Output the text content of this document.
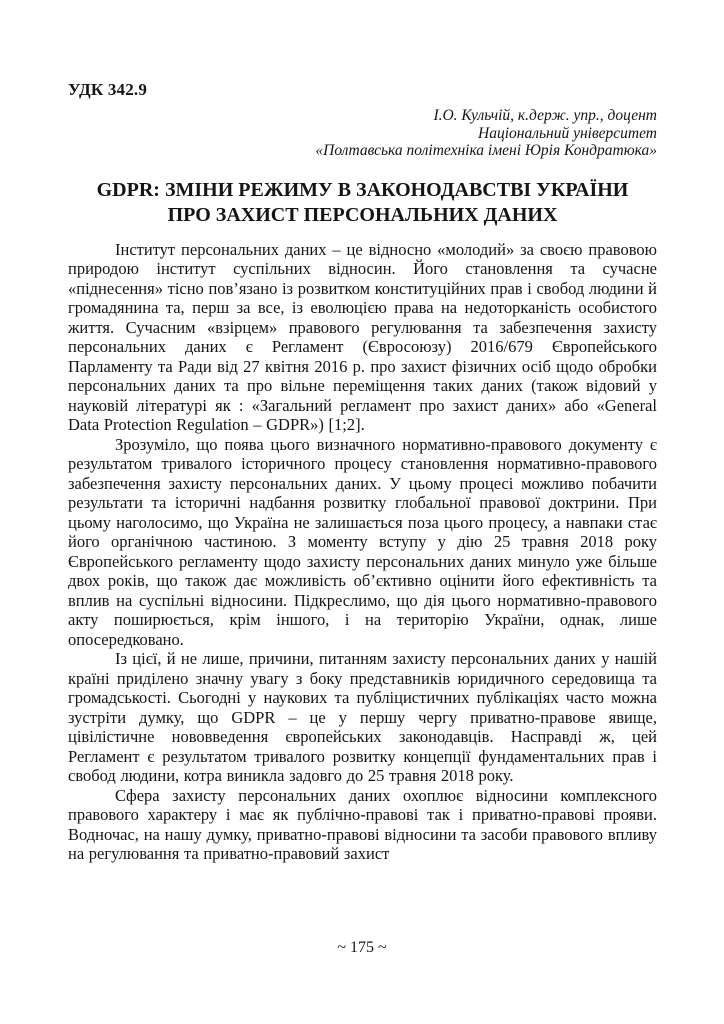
УДК 342.9
І.О. Кульчій, к.держ. упр., доцент
Національний університет
«Полтавська політехніка імені Юрія Кондратюка»
GDPR: ЗМІНИ РЕЖИМУ В ЗАКОНОДАВСТВІ УКРАЇНИ
ПРО ЗАХИСТ ПЕРСОНАЛЬНИХ ДАНИХ

Інститут персональних даних – це відносно «молодий» за своєю правовою природою інститут суспільних відносин. Його становлення та сучасне «піднесення» тісно пов’язано із розвитком конституційних прав і свобод людини й громадянина та, перш за все, із еволюцією права на недоторканість особистого життя. Сучасним «взірцем» правового регулювання та забезпечення захисту персональних даних є Регламент (Євросоюзу) 2016/679 Європейського Парламенту та Ради від 27 квітня 2016 р. про захист фізичних осіб щодо обробки персональних даних та про вільне переміщення таких даних (також відовий у науковій літературі як : «Загальний регламент про захист даних» або «General Data Protection Regulation – GDPR») [1;2].

Зрозуміло, що поява цього визначного нормативно-правового документу є результатом тривалого історичного процесу становлення нормативно-правового забезпечення захисту персональних даних. У цьому процесі можливо побачити результати та історичні надбання розвитку глобальної правової доктрини. При цьому наголосимо, що Україна не залишається поза цього процесу, а навпаки стає його органічною частиною. З моменту вступу у дію 25 травня 2018 року Європейського регламенту щодо захисту персональних даних минуло уже більше двох років, що також дає можливість об’єктивно оцінити його ефективність та вплив на суспільні відносини. Підкреслимо, що дія цього нормативно-правового акту поширюється, крім іншого, і на територію України, однак, лише опосередковано.

Із цієї, й не лише, причини, питанням захисту персональних даних у нашій країні приділено значну увагу з боку представників юридичного середовища та громадськості. Сьогодні у наукових та публіцистичних публікаціях часто можна зустріти думку, що GDPR – це у першу чергу приватно-правове явище, цівілістичне нововведення європейських законодавців. Насправді ж, цей Регламент є результатом тривалого розвитку концепції фундаментальних прав і свобод людини, котра виникла задовго до 25 травня 2018 року.

Сфера захисту персональних даних охоплює відносини комплексного правового характеру і має як публічно-правові так і приватно-правові прояви. Водночас, на нашу думку, приватно-правові відносини та засоби правового впливу на регулювання та приватно-правовий захист

~ 175 ~
